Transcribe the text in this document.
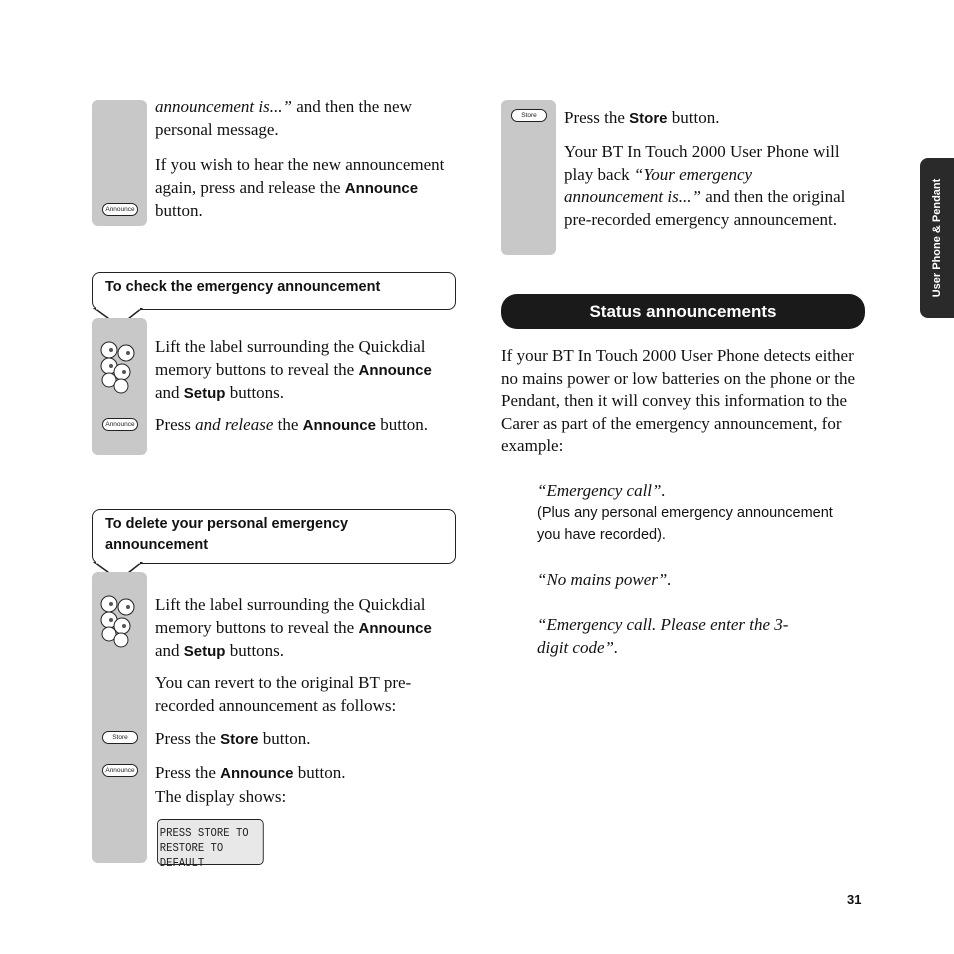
User Phone & Pendant
Announce

announcement is...” and then the new personal message.

If you wish to hear the new announcement again, press and release the Announce button.

To check the emergency announcement
Announce

Lift the label surrounding the Quickdial memory buttons to reveal the Announce and Setup buttons.

Press and release the Announce button.

To delete your personal emergency announcement

Lift the label surrounding the Quickdial memory buttons to reveal the Announce and Setup buttons.

You can revert to the original BT pre-recorded announcement as follows:

Store	Press the Store button.

Announce Press the Announce button.
The display shows:

PRESS STORE TO
RESTORE TO DEFAULT
Store	Press the Store button.

Your BT In Touch 2000 User Phone will play back “Your emergency announcement is...” and then the original pre-recorded emergency announcement.

Status announcements

If your BT In Touch 2000 User Phone detects either no mains power or low batteries on the phone or the Pendant, then it will convey this information to the Carer as part of the emergency announcement, for example:

“Emergency call”.

(Plus any personal emergency announcement you have recorded).

“No mains power”.

“Emergency call. Please enter the 3-digit code”.

31
